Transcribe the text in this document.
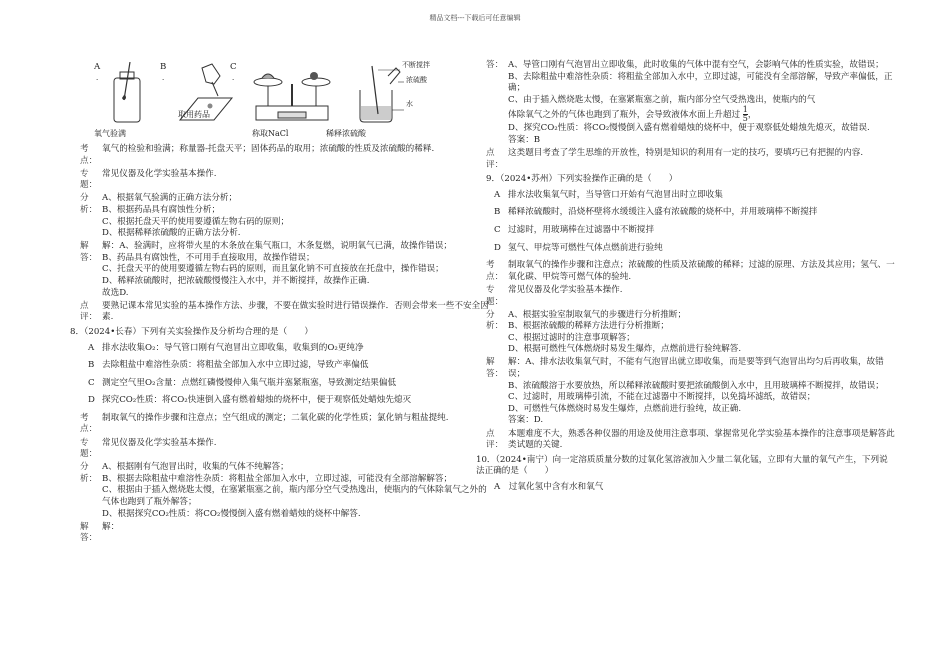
精品文档---下载后可任意编辑
A
.
B
.
C
.
不断搅拌
浓硫酸
水
氧气验满
取用药品
称取NaCl	稀释浓硫酸
考点：
氧气的检验和验满；称量器-托盘天平；固体药品的取用；浓硫酸的性质及浓硫酸的稀释.
专题：
常见仪器及化学实验基本操作.
分析：
A、根据氧气验满的正确方法分析；
B、根据药品具有腐蚀性分析；
C、根据托盘天平的使用要遵循左物右码的原则；
D、根据稀释浓硫酸的正确方法分析.
解答：
解：A、验满时，应将带火星的木条放在集气瓶口，木条复燃，说明氧气已满，故操作错误；
B、药品具有腐蚀性，不可用手直接取用，故操作错误；
C、托盘天平的使用要遵循左物右码的原则，而且氯化钠不可直接放在托盘中，操作错误；
D、稀释浓硫酸时，把浓硫酸慢慢注入水中，并不断搅拌，故操作正确.
故选D.
点评：
要熟记课本常见实验的基本操作方法、步骤，不要在做实验时进行错误操作．否则会带来一些不安全因素.
8．（2024•长春）下列有关实验操作及分析均合理的是（　　）
A 排水法收集O₂：导气管口刚有气泡冒出立即收集，收集到的O₂更纯净
B 去除粗盐中难溶性杂质：将粗盐全部加入水中立即过滤，导致产率偏低
C 测定空气里O₂含量：点燃红磷慢慢伸入集气瓶并塞紧瓶塞，导致测定结果偏低
D 探究CO₂性质：将CO₂快速倒入盛有燃着蜡烛的烧杯中，便于观察低处蜡烛先熄灭
考点：
制取氧气的操作步骤和注意点；空气组成的测定；二氧化碳的化学性质；氯化钠与粗盐提纯.
专题：
常见仪器及化学实验基本操作.
分析：
A、根据刚有气泡冒出时，收集的气体不纯解答；
B、根据去除粗盐中难溶性杂质：将粗盐全部加入水中，立即过滤，可能没有全部溶解解答；
C、根据由于插入燃烧匙太慢，在塞紧瓶塞之前，瓶内部分空气受热逸出，使瓶内的气体除氧气之外的气体也跑到了瓶外解答；
D、根据探究CO₂性质：将CO₂慢慢倒入盛有燃着蜡烛的烧杯中解答.
解答：
解：
答： A、导管口刚有气泡冒出立即收集，此时收集的气体中混有空气，会影响气体的性质实验，故错误；
B、去除粗盐中难溶性杂质：将粗盐全部加入水中，立即过滤，可能没有全部溶解，导致产率偏低，正确；
C、由于插入燃烧匙太慢，在塞紧瓶塞之前，瓶内部分空气受热逸出，使瓶内的气
体除氧气之外的气体也跑到了瓶外，会导致液体水面上升超过 $\frac{1}{5}$，
D、探究CO₂性质：将CO₂慢慢倒入盛有燃着蜡烛的烧杯中，便于观察低处蜡烛先熄灭，故错误.
答案：B
点评：
这类题目考查了学生思维的开放性，特别是知识的利用有一定的技巧，要填巧已有把握的内容.
9．（2024•苏州）下列实验操作正确的是（　　）
A 排水法收集氧气时，当导管口开始有气泡冒出时立即收集
B 稀释浓硫酸时，沿烧杯壁将水缓缓注入盛有浓硫酸的烧杯中，并用玻璃棒不断搅拌
C 过滤时，用玻璃棒在过滤器中不断搅拌
D 氢气、甲烷等可燃性气体点燃前进行验纯
考点：
制取氧气的操作步骤和注意点；浓硫酸的性质及浓硫酸的稀释；过滤的原理、方法及其应用；氢气、一氧化碳、甲烷等可燃气体的验纯.
专题：
常见仪器及化学实验基本操作.
分析：
A、根据实验室制取氧气的步骤进行分析推断；
B、根据浓硫酸的稀释方法进行分析推断；
C、根据过滤时的注意事项解答；
D、根据可燃性气体燃烧时易发生爆炸，点燃前进行验纯解答.
解答：
解：A、排水法收集氧气时，不能有气泡冒出就立即收集，而是要等到气泡冒出均匀后再收集，故错误；
B、浓硫酸溶于水要放热，所以稀释浓硫酸时要把浓硫酸倒入水中，且用玻璃棒不断搅拌，故错误；
C、过滤时，用玻璃棒引流，不能在过滤器中不断搅拌，以免捣坏滤纸，故错误；
D、可燃性气体燃烧时易发生爆炸，点燃前进行验纯，故正确.
答案：D.
点评：
本题难度不大，熟悉各种仪器的用途及使用注意事项、掌握常见化学实验基本操作的注意事项是解答此类试题的关键.
10．（2024•南宁）向一定溶质质量分数的过氧化氢溶液加入少量二氧化锰，立即有大量的氧气产生，下列说法正确的是（　　）
A　过氧化氢中含有水和氧气
